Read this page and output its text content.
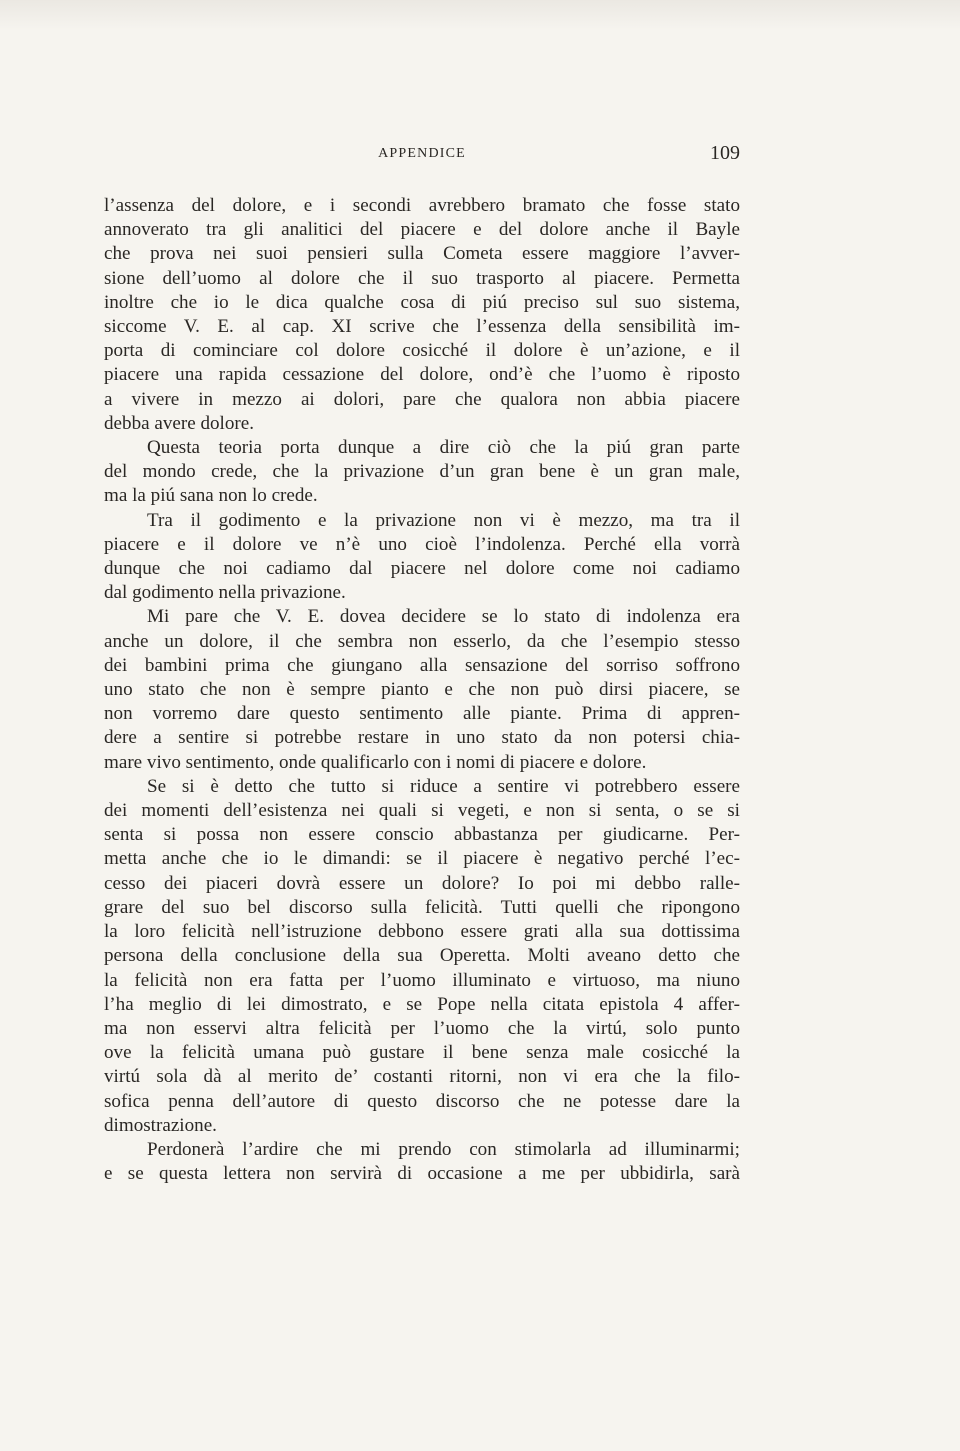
APPENDICE	109
l’assenza del dolore, e i secondi avrebbero bramato che fosse stato
annoverato tra gli analitici del piacere e del dolore anche il Bayle
che prova nei suoi pensieri sulla Cometa essere maggiore l’avver-
sione dell’uomo al dolore che il suo trasporto al piacere. Permetta
inoltre che io le dica qualche cosa di piú preciso sul suo sistema,
siccome V. E. al cap. XI scrive che l’essenza della sensibilità im-
porta di cominciare col dolore cosicché il dolore è un’azione, e il
piacere una rapida cessazione del dolore, ond’è che l’uomo è riposto
a vivere in mezzo ai dolori, pare che qualora non abbia piacere
debba avere dolore.
Questa teoria porta dunque a dire ciò che la piú gran parte
del mondo crede, che la privazione d’un gran bene è un gran male,
ma la piú sana non lo crede.
Tra il godimento e la privazione non vi è mezzo, ma tra il
piacere e il dolore ve n’è uno cioè l’indolenza. Perché ella vorrà
dunque che noi cadiamo dal piacere nel dolore come noi cadiamo
dal godimento nella privazione.
Mi pare che V. E. dovea decidere se lo stato di indolenza era
anche un dolore, il che sembra non esserlo, da che l’esempio stesso
dei bambini prima che giungano alla sensazione del sorriso soffrono
uno stato che non è sempre pianto e che non può dirsi piacere, se
non vorremo dare questo sentimento alle piante. Prima di appren-
dere a sentire si potrebbe restare in uno stato da non potersi chia-
mare vivo sentimento, onde qualificarlo con i nomi di piacere e dolore.
Se si è detto che tutto si riduce a sentire vi potrebbero essere
dei momenti dell’esistenza nei quali si vegeti, e non si senta, o se si
senta si possa non essere conscio abbastanza per giudicarne. Per-
metta anche che io le dimandi: se il piacere è negativo perché l’ec-
cesso dei piaceri dovrà essere un dolore? Io poi mi debbo ralle-
grare del suo bel discorso sulla felicità. Tutti quelli che ripongono
la loro felicità nell’istruzione debbono essere grati alla sua dottissima
persona della conclusione della sua Operetta. Molti aveano detto che
la felicità non era fatta per l’uomo illuminato e virtuoso, ma niuno
l’ha meglio di lei dimostrato, e se Pope nella citata epistola 4 affer-
ma non esservi altra felicità per l’uomo che la virtú, solo punto
ove la felicità umana può gustare il bene senza male cosicché la
virtú sola dà al merito de’ costanti ritorni, non vi era che la filo-
sofica penna dell’autore di questo discorso che ne potesse dare la
dimostrazione.
Perdonerà l’ardire che mi prendo con stimolarla ad illuminarmi;
e se questa lettera non servirà di occasione a me per ubbidirla, sarà
